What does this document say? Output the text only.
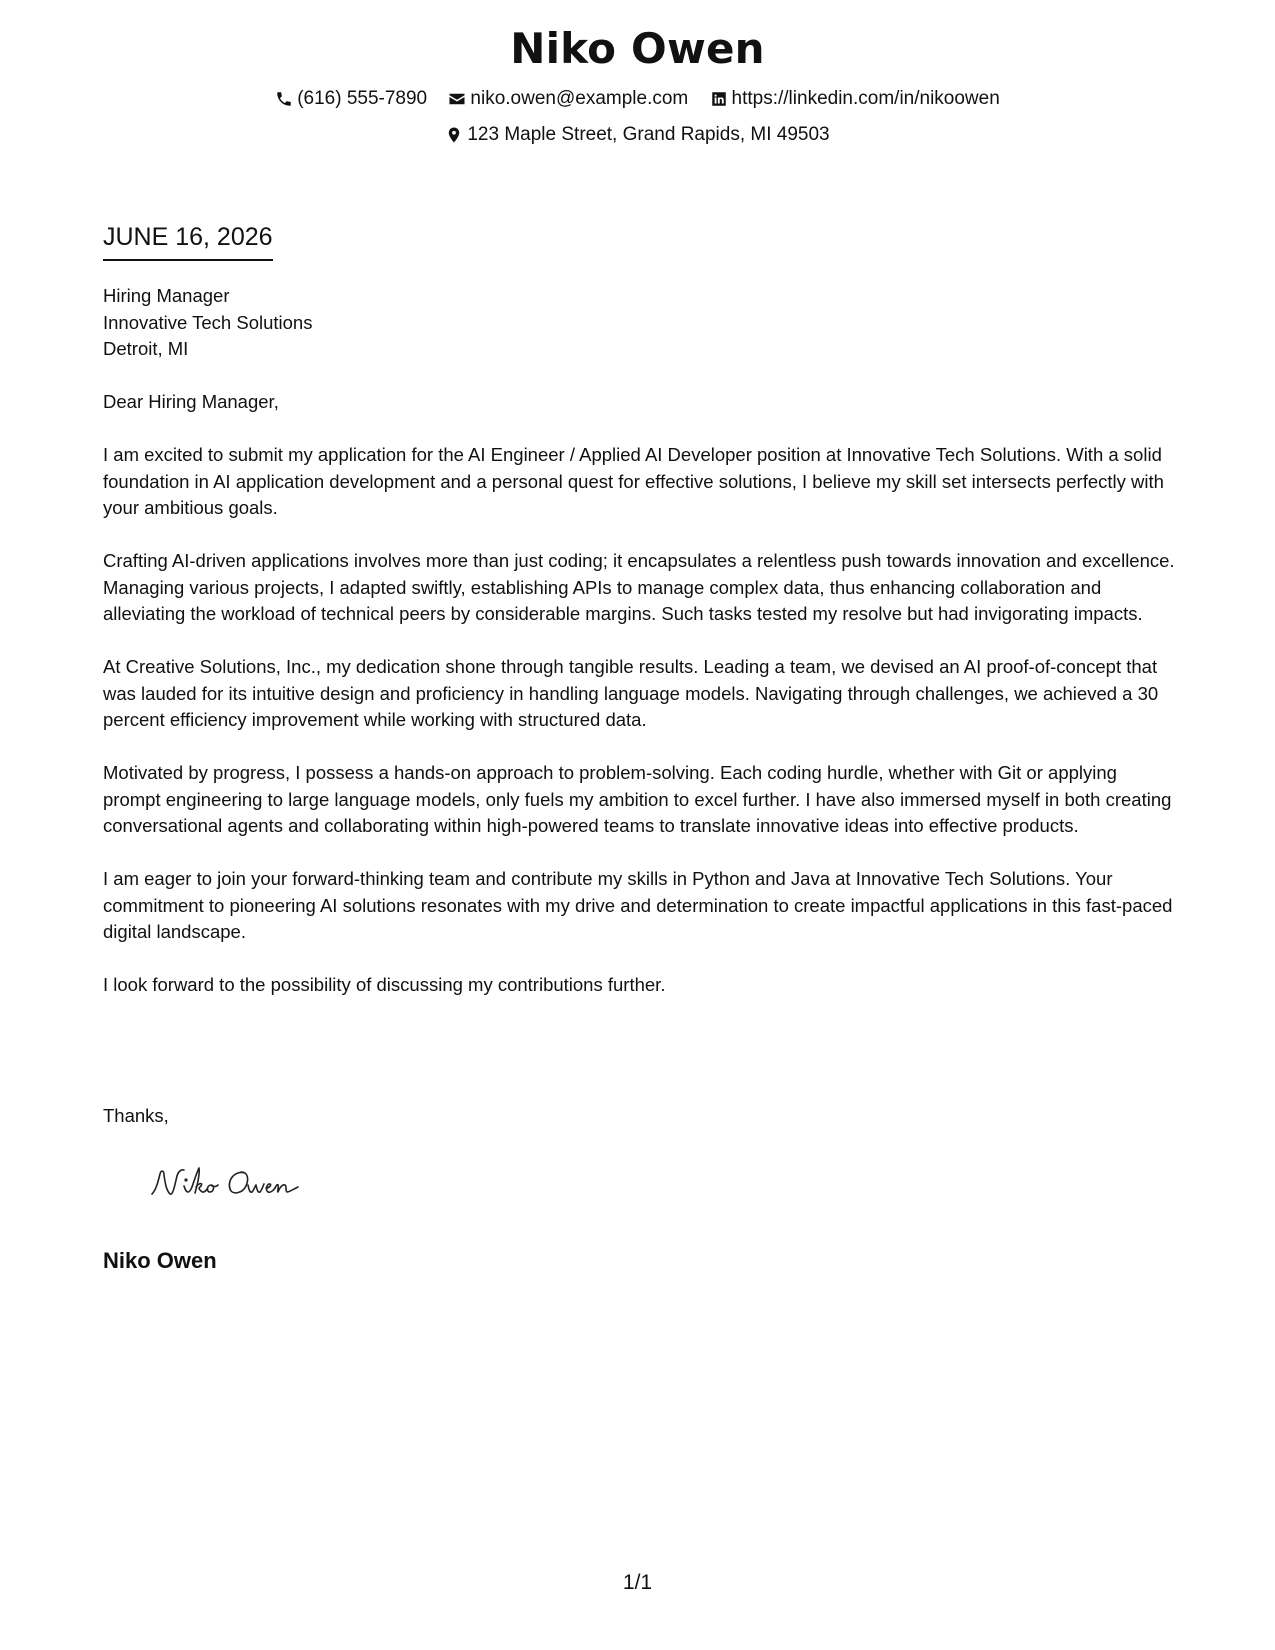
Niko Owen
(616) 555-7890
niko.owen@example.com
https://linkedin.com/in/nikoowen
123 Maple Street, Grand Rapids, MI 49503
JUNE 16, 2026
Hiring Manager
Innovative Tech Solutions
Detroit, MI

Dear Hiring Manager,

I am excited to submit my application for the AI Engineer / Applied AI Developer position at Innovative Tech Solutions. With a solid foundation in AI application development and a personal quest for effective solutions, I believe my skill set intersects perfectly with your ambitious goals.

Crafting AI-driven applications involves more than just coding; it encapsulates a relentless push towards innovation and excellence. Managing various projects, I adapted swiftly, establishing APIs to manage complex data, thus enhancing collaboration and alleviating the workload of technical peers by considerable margins. Such tasks tested my resolve but had invigorating impacts.

At Creative Solutions, Inc., my dedication shone through tangible results. Leading a team, we devised an AI proof-of-concept that was lauded for its intuitive design and proficiency in handling language models. Navigating through challenges, we achieved a 30 percent efficiency improvement while working with structured data.

Motivated by progress, I possess a hands-on approach to problem-solving. Each coding hurdle, whether with Git or applying prompt engineering to large language models, only fuels my ambition to excel further. I have also immersed myself in both creating conversational agents and collaborating within high-powered teams to translate innovative ideas into effective products.

I am eager to join your forward-thinking team and contribute my skills in Python and Java at Innovative Tech Solutions. Your commitment to pioneering AI solutions resonates with my drive and determination to create impactful applications in this fast-paced digital landscape.

I look forward to the possibility of discussing my contributions further.

Thanks,
Niko Owen
1/1
